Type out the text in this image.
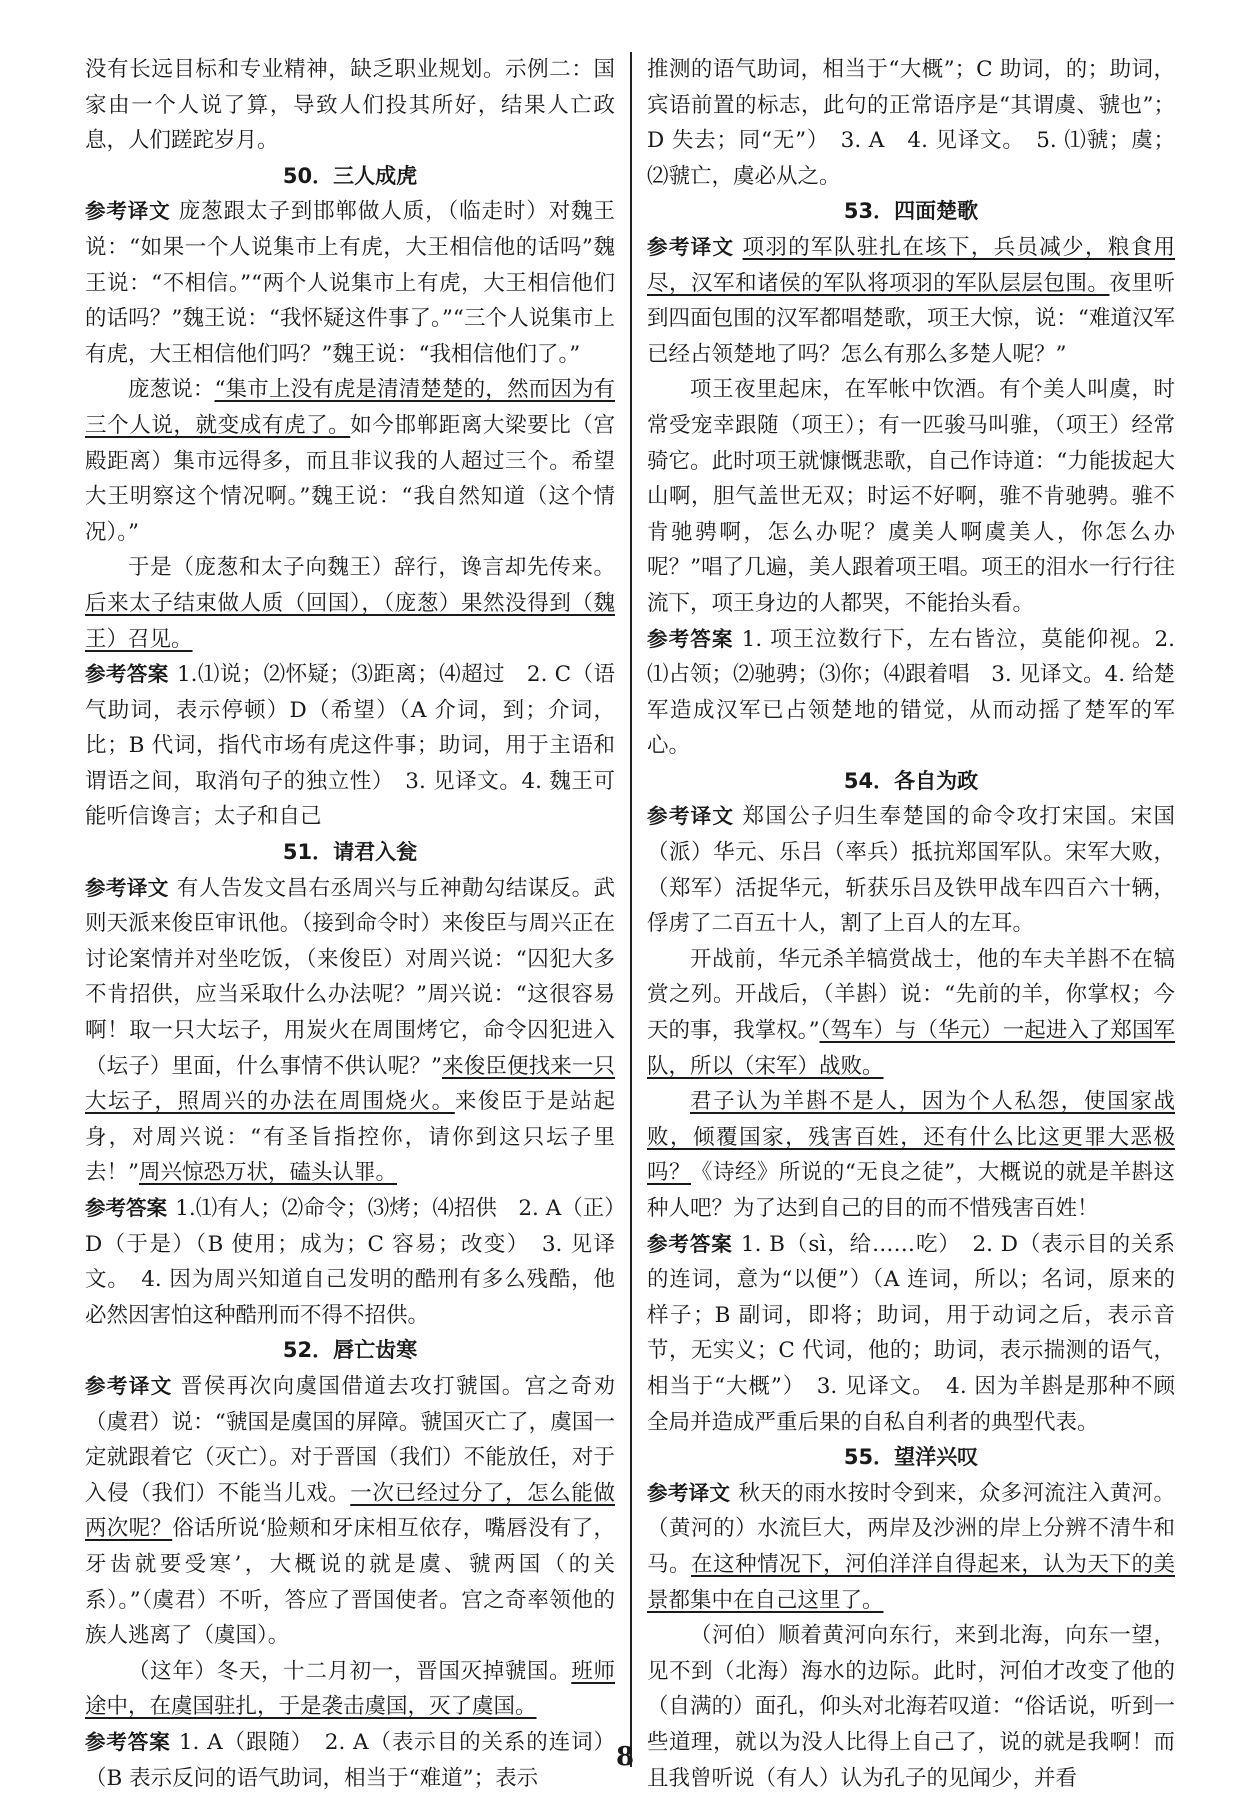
没有长远目标和专业精神，缺乏职业规划。示例二：国家由一个人说了算，导致人们投其所好，结果人亡政息，人们蹉跎岁月。
50．三人成虎
参考译文 庞葱跟太子到邯郸做人质，（临走时）对魏王说：“如果一个人说集市上有虎，大王相信他的话吗”魏王说：“不相信。”“两个人说集市上有虎，大王相信他们的话吗？”魏王说：“我怀疑这件事了。”“三个人说集市上有虎，大王相信他们吗？”魏王说：“我相信他们了。”
庞葱说：“集市上没有虎是清清楚楚的，然而因为有三个人说，就变成有虎了。如今邯郸距离大梁要比（宫殿距离）集市远得多，而且非议我的人超过三个。希望大王明察这个情况啊。”魏王说：“我自然知道（这个情况）。”
于是（庞葱和太子向魏王）辞行，谗言却先传来。后来太子结束做人质（回国），（庞葱）果然没得到（魏王）召见。
参考答案 1.⑴说；⑵怀疑；⑶距离；⑷超过　2. C（语气助词，表示停顿）D（希望）（A 介词，到；介词，比；B 代词，指代市场有虎这件事；助词，用于主语和谓语之间，取消句子的独立性）　3. 见译文。4. 魏王可能听信谗言；太子和自己
51．请君入瓮
参考译文 有人告发文昌右丞周兴与丘神勣勾结谋反。武则天派来俊臣审讯他。（接到命令时）来俊臣与周兴正在讨论案情并对坐吃饭，（来俊臣）对周兴说：“囚犯大多不肯招供，应当采取什么办法呢？”周兴说：“这很容易啊！取一只大坛子，用炭火在周围烤它，命令囚犯进入（坛子）里面，什么事情不供认呢？”来俊臣便找来一只大坛子，照周兴的办法在周围烧火。来俊臣于是站起身，对周兴说：“有圣旨指控你，请你到这只坛子里去！”周兴惊恐万状，磕头认罪。
参考答案 1.⑴有人；⑵命令；⑶烤；⑷招供　2. A（正）D（于是）（B 使用；成为；C 容易；改变）　3. 见译文。　4. 因为周兴知道自己发明的酷刑有多么残酷，他必然因害怕这种酷刑而不得不招供。
52．唇亡齿寒
参考译文 晋侯再次向虞国借道去攻打虢国。宫之奇劝（虞君）说：“虢国是虞国的屏障。虢国灭亡了，虞国一定就跟着它（灭亡）。对于晋国（我们）不能放任，对于入侵（我们）不能当儿戏。一次已经过分了，怎么能做两次呢？俗话所说‘脸颊和牙床相互依存，嘴唇没有了，牙齿就要受寒’，大概说的就是虞、虢两国（的关系）。”（虞君）不听，答应了晋国使者。宫之奇率领他的族人逃离了（虞国）。
（这年）冬天，十二月初一，晋国灭掉虢国。班师途中，在虞国驻扎，于是袭击虞国，灭了虞国。
参考答案 1. A（跟随）　2. A（表示目的关系的连词）（B 表示反问的语气助词，相当于“难道”；表示
推测的语气助词，相当于“大概”；C 助词，的；助词，宾语前置的标志，此句的正常语序是“其谓虞、虢也”；D 失去；同“无”）　3. A　4. 见译文。　5. ⑴虢；虞；⑵虢亡，虞必从之。
53．四面楚歌
参考译文 项羽的军队驻扎在垓下，兵员减少，粮食用尽，汉军和诸侯的军队将项羽的军队层层包围。夜里听到四面包围的汉军都唱楚歌，项王大惊，说：“难道汉军已经占领楚地了吗？怎么有那么多楚人呢？”
项王夜里起床，在军帐中饮酒。有个美人叫虞，时常受宠幸跟随（项王）；有一匹骏马叫骓，（项王）经常骑它。此时项王就慷慨悲歌，自己作诗道：“力能拔起大山啊，胆气盖世无双；时运不好啊，骓不肯驰骋。骓不肯驰骋啊，怎么办呢？虞美人啊虞美人，你怎么办呢？”唱了几遍，美人跟着项王唱。项王的泪水一行行往流下，项王身边的人都哭，不能抬头看。
参考答案 1. 项王泣数行下，左右皆泣，莫能仰视。2. ⑴占领；⑵驰骋；⑶你；⑷跟着唱　3. 见译文。4. 给楚军造成汉军已占领楚地的错觉，从而动摇了楚军的军心。
54．各自为政
参考译文 郑国公子归生奉楚国的命令攻打宋国。宋国（派）华元、乐吕（率兵）抵抗郑国军队。宋军大败，（郑军）活捉华元，斩获乐吕及铁甲战车四百六十辆，俘虏了二百五十人，割了上百人的左耳。
开战前，华元杀羊犒赏战士，他的车夫羊斟不在犒赏之列。开战后，（羊斟）说：“先前的羊，你掌权；今天的事，我掌权。”（驾车）与（华元）一起进入了郑国军队，所以（宋军）战败。
君子认为羊斟不是人，因为个人私怨，使国家战败，倾覆国家，残害百姓，还有什么比这更罪大恶极吗？《诗经》所说的“无良之徒”，大概说的就是羊斟这种人吧？为了达到自己的目的而不惜残害百姓！
参考答案 1. B（sì，给……吃）　2. D（表示目的关系的连词，意为“以便”）（A 连词，所以；名词，原来的样子；B 副词，即将；助词，用于动词之后，表示音节，无实义；C 代词，他的；助词，表示揣测的语气，相当于“大概”）　3. 见译文。　4. 因为羊斟是那种不顾全局并造成严重后果的自私自利者的典型代表。
55．望洋兴叹
参考译文 秋天的雨水按时令到来，众多河流注入黄河。（黄河的）水流巨大，两岸及沙洲的岸上分辨不清牛和马。在这种情况下，河伯洋洋自得起来，认为天下的美景都集中在自己这里了。
（河伯）顺着黄河向东行，来到北海，向东一望，见不到（北海）海水的边际。此时，河伯才改变了他的（自满的）面孔，仰头对北海若叹道：“俗话说，听到一些道理，就以为没人比得上自己了，说的就是我啊！而且我曾听说（有人）认为孔子的见闻少，并看
8
